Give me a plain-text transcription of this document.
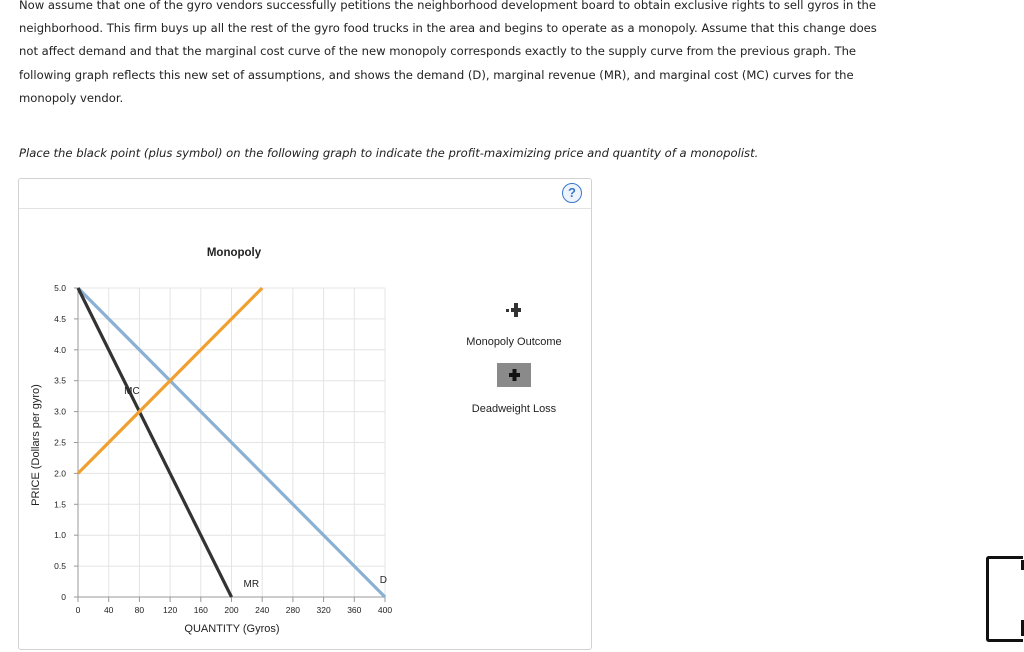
Now assume that one of the gyro vendors successfully petitions the neighborhood development board to obtain exclusive rights to sell gyros in the neighborhood. This firm buys up all the rest of the gyro food trucks in the area and begins to operate as a monopoly. Assume that this change does not affect demand and that the marginal cost curve of the new monopoly corresponds exactly to the supply curve from the previous graph. The following graph reflects this new set of assumptions, and shows the demand (D), marginal revenue (MR), and marginal cost (MC) curves for the monopoly vendor.
Place the black point (plus symbol) on the following graph to indicate the profit-maximizing price and quantity of a monopolist.
?
Monopoly
0	40 80 120 160 200 240 280 320 360 400
0
0.5
1.0
1.5
2.0
2.5
3.0
3.5
4.0
4.5
5.0
D
MR
MC
QUANTITY (Gyros)
PRICE (Dollars per gyro)
Monopoly Outcome
Deadweight Loss
